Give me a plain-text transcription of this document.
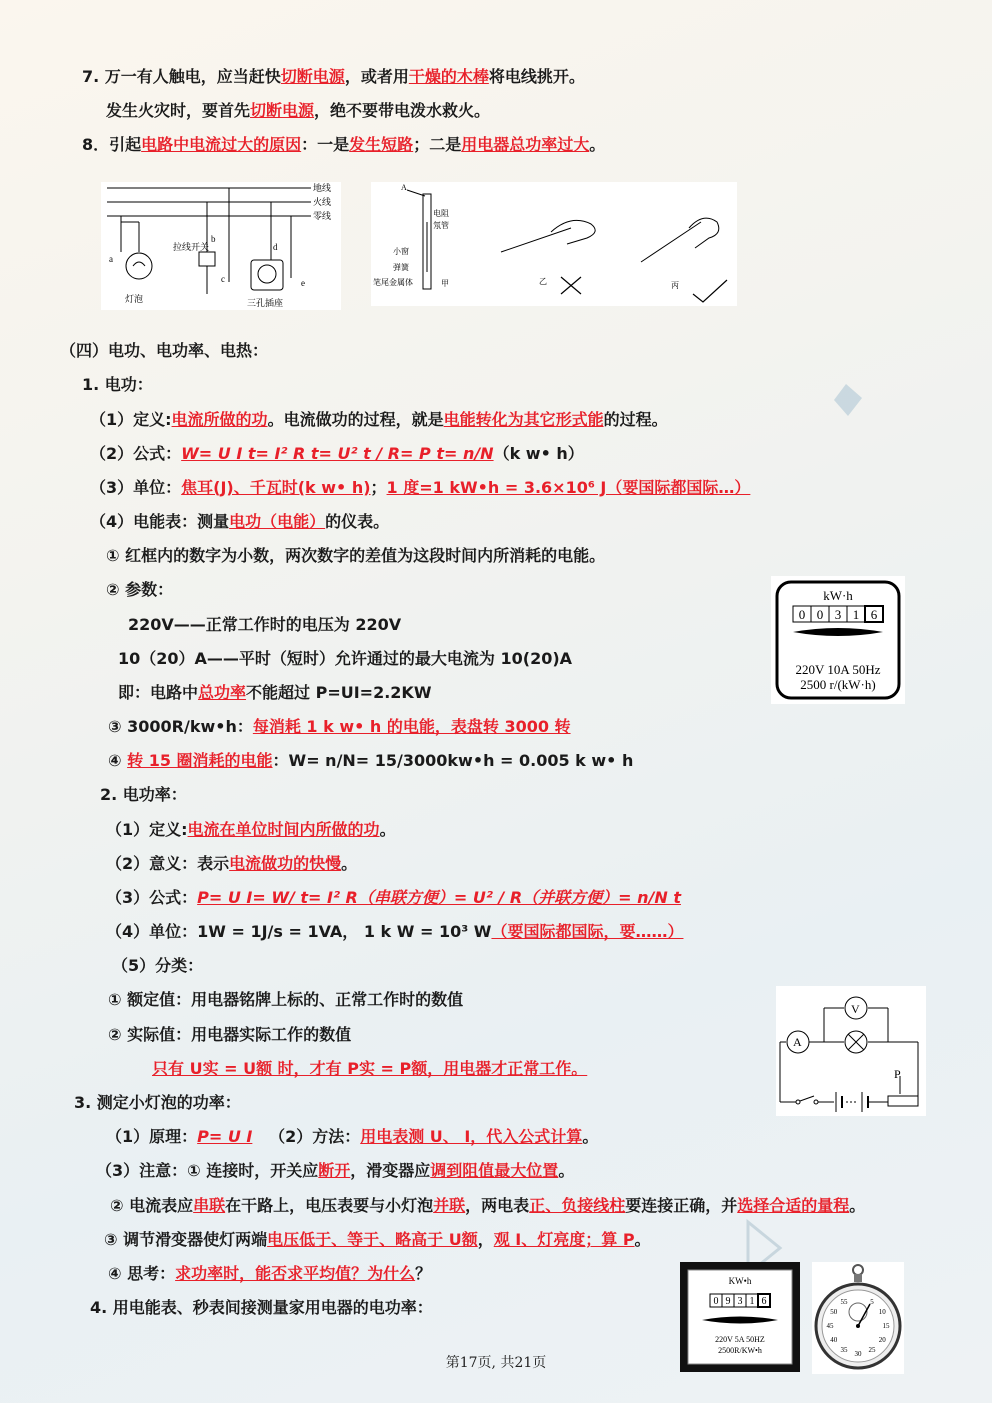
7. 万一有人触电，应当赶快切断电源，或者用干燥的木棒将电线挑开。
发生火灾时，要首先切断电源，绝不要带电泼水救火。
8．引起电路中电流过大的原因：一是发生短路；二是用电器总功率过大。
地线
火线
零线
灯泡
a
拉线开关
b
三孔插座
c
d
e
A
电阻
氖管
小窗
弹簧
笔尾金属体	甲	乙	丙
（四）电功、电功率、电热：
1. 电功：
（1）定义:电流所做的功。电流做功的过程，就是电能转化为其它形式能的过程。
（2）公式：W= U I t= I² R t= U² t / R= P t= n/N（k w• h）
（3）单位：焦耳(J)、千瓦时(k w• h)；1 度=1 kW•h = 3.6×10⁶ J（要国际都国际…）
（4）电能表：测量电功（电能）的仪表。
① 红框内的数字为小数，两次数字的差值为这段时间内所消耗的电能。
② 参数：
220V——正常工作时的电压为 220V
10（20）A——平时（短时）允许通过的最大电流为 10(20)A
即：电路中总功率不能超过 P=UI=2.2KW
③ 3000R/kw•h：每消耗 1 k w• h 的电能，表盘转 3000 转
④ 转 15 圈消耗的电能：W= n/N= 15/3000kw•h = 0.005 k w• h
kW·h
0 0 3 1 6
220V 10A 50Hz
2500 r/(kW·h)
2. 电功率：
（1）定义:电流在单位时间内所做的功。
（2）意义：表示电流做功的快慢。
（3）公式：P= U I= W/ t= I² R（串联方便）= U² / R（并联方便）= n/N t
（4）单位：1W = 1J/s = 1VA， 1 k W = 10³ W（要国际都国际，要……）
（5）分类：
① 额定值：用电器铭牌上标的、正常工作时的数值
② 实际值：用电器实际工作的数值
只有 U实 = U额 时，才有 P实 = P额，用电器才正常工作。
A
V
P
3. 测定小灯泡的功率：
（1）原理：P= U I （2）方法：用电表测 U、 I，代入公式计算。
（3）注意：① 连接时，开关应断开，滑变器应调到阻值最大位置。
② 电流表应串联在干路上，电压表要与小灯泡并联，两电表正、负接线柱要连接正确，并选择合适的量程。
③ 调节滑变器使灯两端电压低于、等于、略高于 U额，观 I、灯亮度；算 P。
④ 思考：求功率时，能否求平均值？为什么？
4. 用电能表、秒表间接测量家用电器的电功率：
KW•h
0 9 3 1 6
220V 5A 50HZ
2500R/KW•h
55	5
50	10
45	15
40	20
35	25
30
第17页, 共21页
